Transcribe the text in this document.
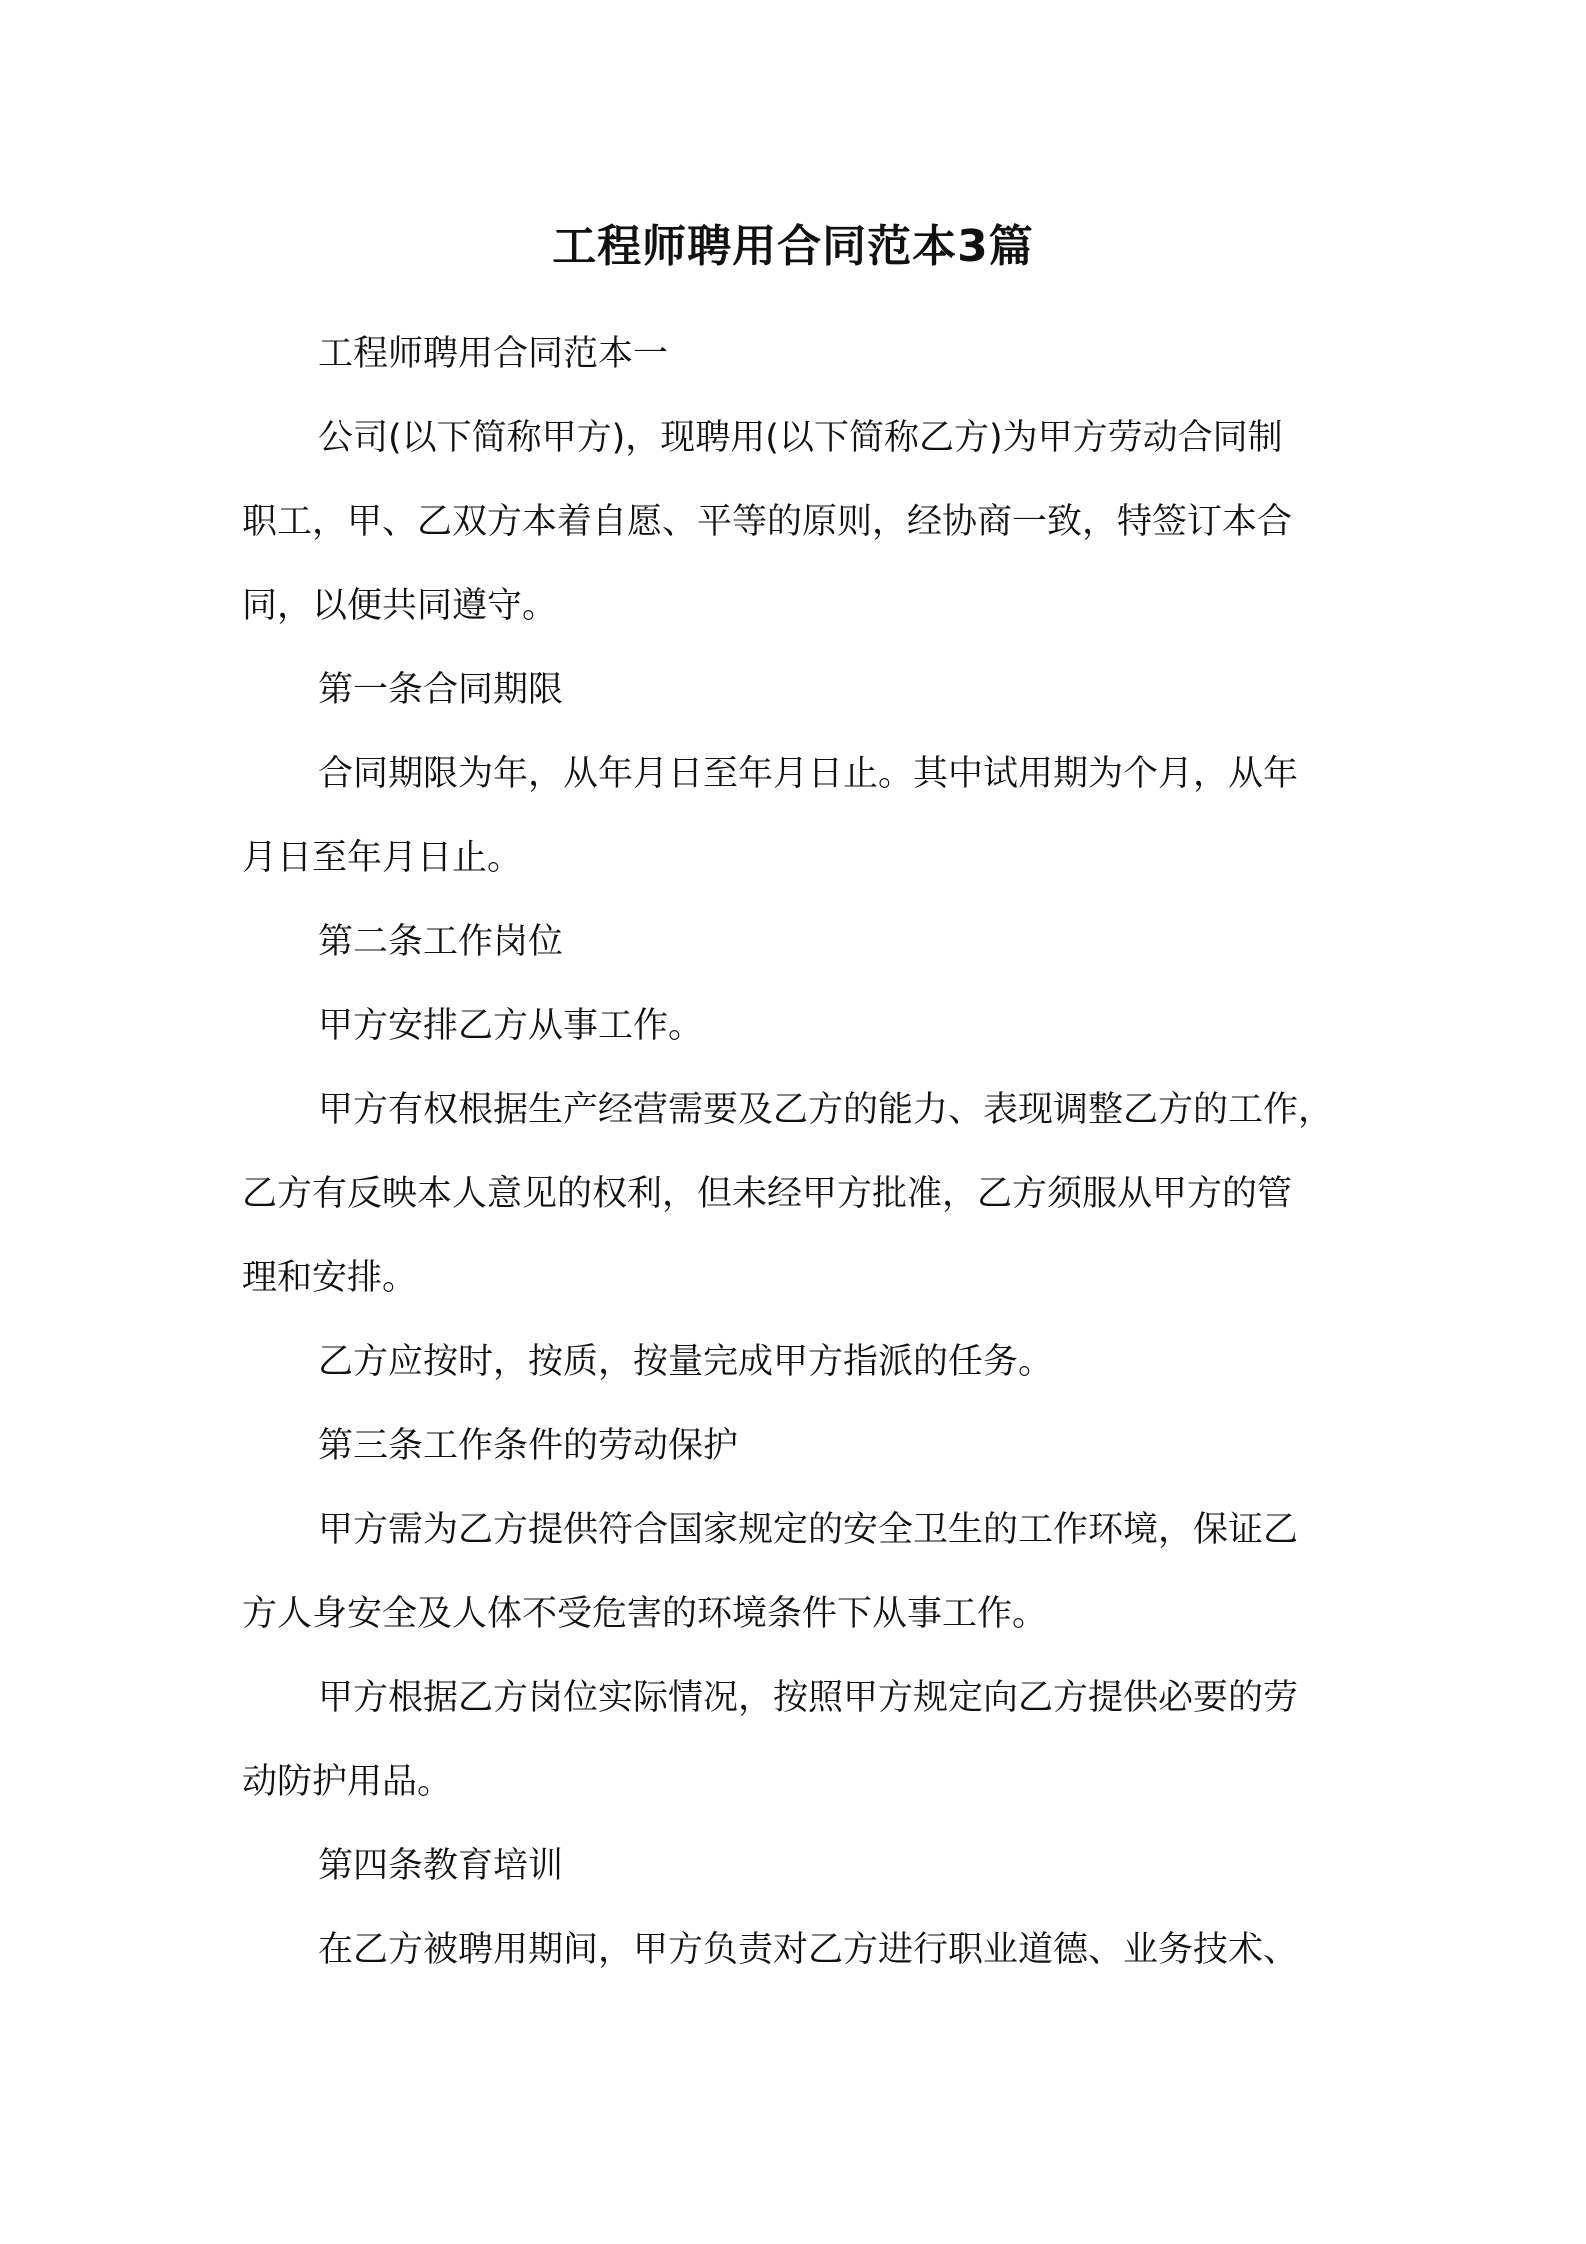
工程师聘用合同范本3篇
工程师聘用合同范本一
公司(以下简称甲方)，现聘用(以下简称乙方)为甲方劳动合同制
职工，甲、乙双方本着自愿、平等的原则，经协商一致，特签订本合
同，以便共同遵守。
第一条合同期限
合同期限为年，从年月日至年月日止。其中试用期为个月，从年
月日至年月日止。
第二条工作岗位
甲方安排乙方从事工作。
甲方有权根据生产经营需要及乙方的能力、表现调整乙方的工作，
乙方有反映本人意见的权利，但未经甲方批准，乙方须服从甲方的管
理和安排。
乙方应按时，按质，按量完成甲方指派的任务。
第三条工作条件的劳动保护
甲方需为乙方提供符合国家规定的安全卫生的工作环境，保证乙
方人身安全及人体不受危害的环境条件下从事工作。
甲方根据乙方岗位实际情况，按照甲方规定向乙方提供必要的劳
动防护用品。
第四条教育培训
在乙方被聘用期间，甲方负责对乙方进行职业道德、业务技术、
